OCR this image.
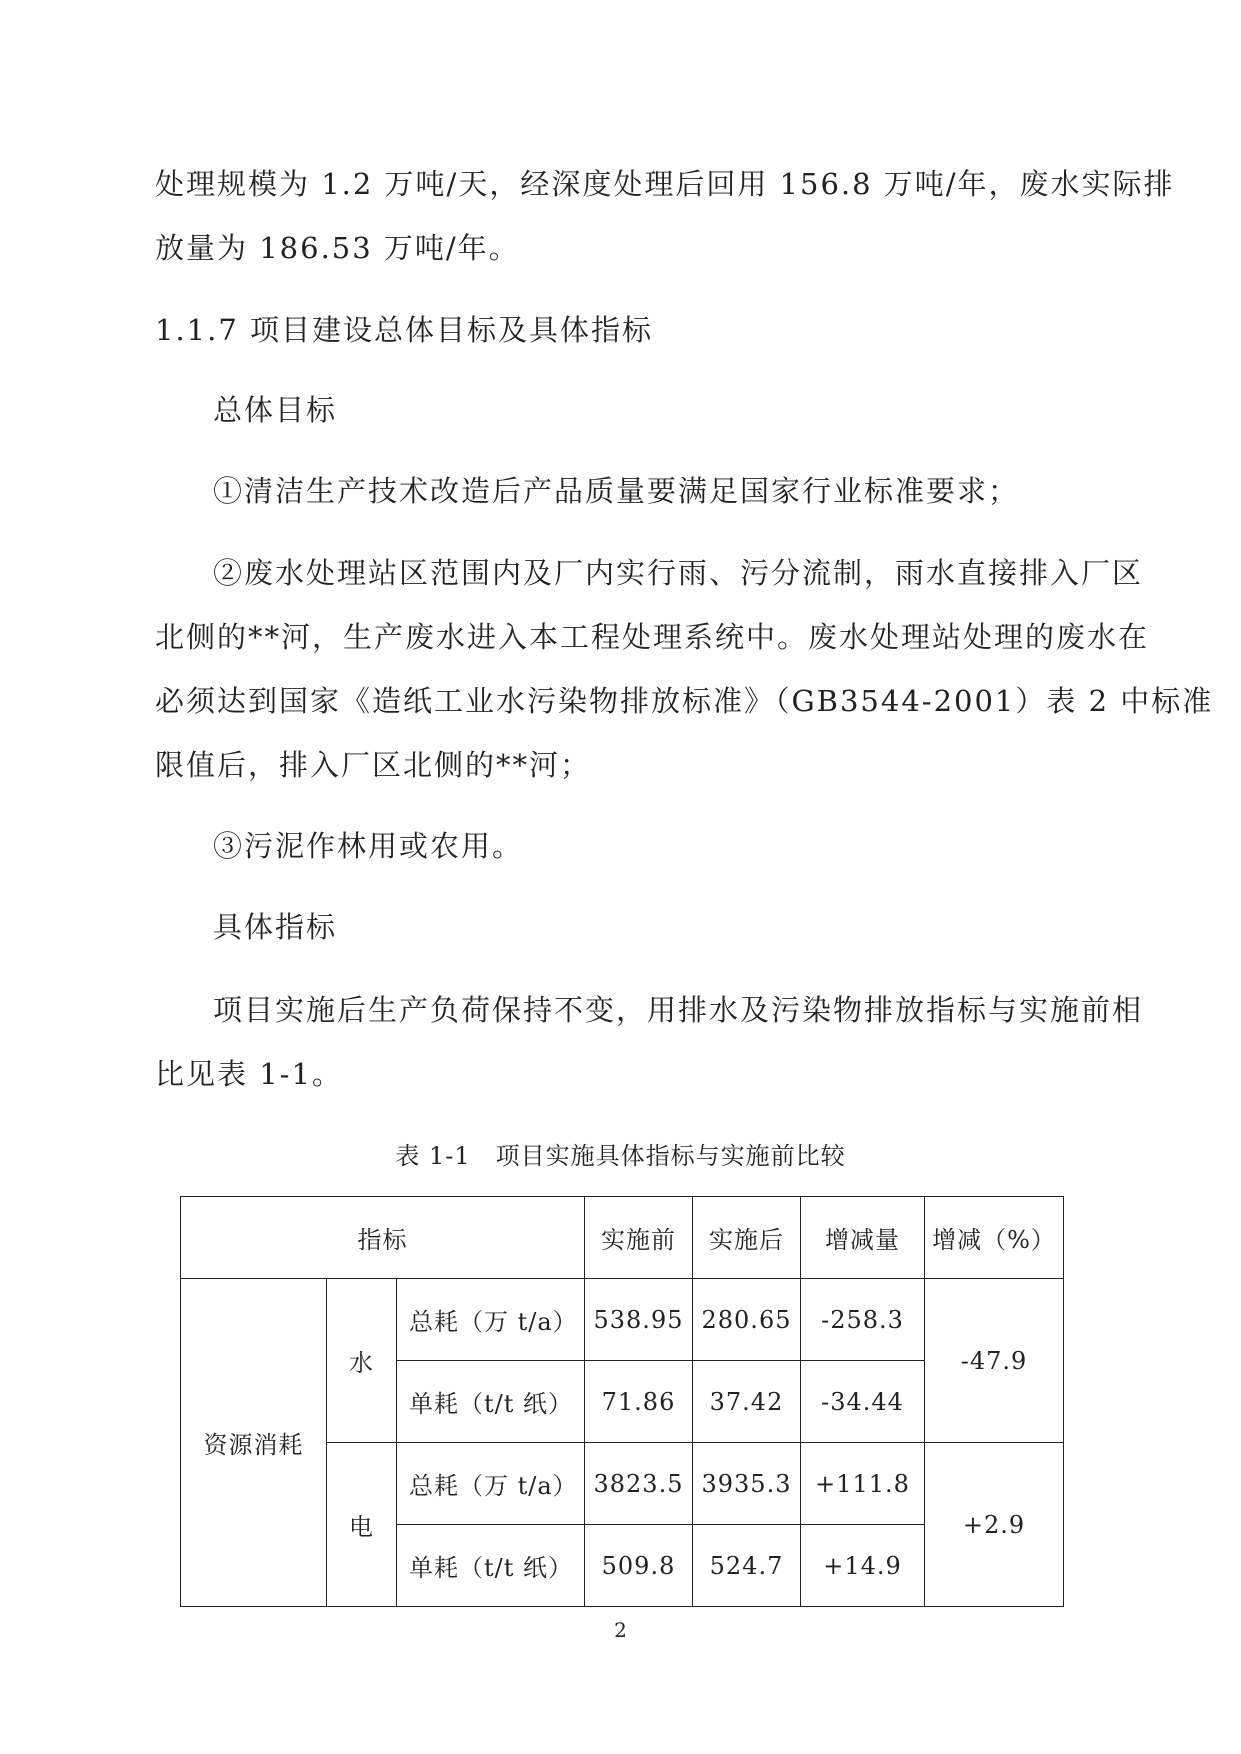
处理规模为 1.2 万吨/天，经深度处理后回用 156.8 万吨/年，废水实际排

放量为 186.53 万吨/年。

1.1.7 项目建设总体目标及具体指标

总体目标

①清洁生产技术改造后产品质量要满足国家行业标准要求；

②废水处理站区范围内及厂内实行雨、污分流制，雨水直接排入厂区

北侧的**河，生产废水进入本工程处理系统中。废水处理站处理的废水在

必须达到国家《造纸工业水污染物排放标准》（GB3544-2001）表 2 中标准

限值后，排入厂区北侧的**河；

③污泥作林用或农用。

具体指标

项目实施后生产负荷保持不变，用排水及污染物排放指标与实施前相

比见表 1-1。

表 1-1　项目实施具体指标与实施前比较

指标			实施前	实施后	增减量	增减（%）
资源消耗	水	总耗（万 t/a）	538.95	280.65	-258.3	-47.9
		单耗（t/t 纸）	71.86	37.42	-34.44	
	电	总耗（万 t/a）	3823.5	3935.3	+111.8	+2.9
		单耗（t/t 纸）	509.8	524.7	+14.9	

2
